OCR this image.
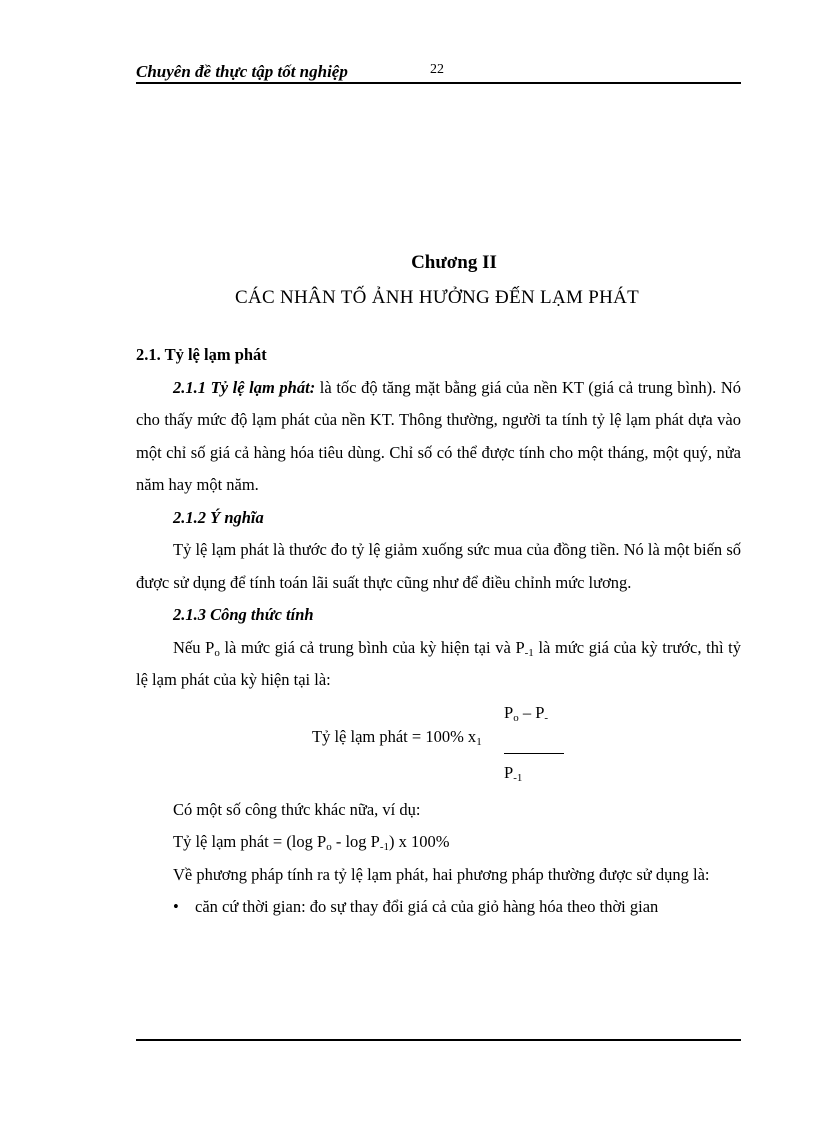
Chuyên đề thực tập tốt nghiệp	22
Chương II
CÁC NHÂN TỐ ẢNH HƯỞNG ĐẾN LẠM PHÁT

2.1. Tỷ lệ lạm phát

2.1.1 Tỷ lệ lạm phát: là tốc độ tăng mặt bằng giá của nền KT (giá cả trung bình). Nó cho thấy mức độ lạm phát của nền KT. Thông thường, người ta tính tỷ lệ lạm phát dựa vào một chỉ số giá cả hàng hóa tiêu dùng. Chỉ số có thể được tính cho một tháng, một quý, nửa năm hay một năm.

2.1.2 Ý nghĩa

Tỷ lệ lạm phát là thước đo tỷ lệ giảm xuống sức mua của đồng tiền. Nó là một biến số được sử dụng để tính toán lãi suất thực cũng như để điều chỉnh mức lương.

2.1.3 Công thức tính

Nếu $P_o$ là mức giá cả trung bình của kỳ hiện tại và $P_{-1}$ là mức giá của kỳ trước, thì tỷ lệ lạm phát của kỳ hiện tại là:

$P_o - P_-$
Tỷ lệ lạm phát = 100% $x_1$
$P_{-1}$

Có một số công thức khác nữa, ví dụ:

Tỷ lệ lạm phát = (log $P_o$ - $\log P_{-1}$) x 100%

Về phương pháp tính ra tỷ lệ lạm phát, hai phương pháp thường được sử dụng là:

• căn cứ thời gian: đo sự thay đổi giá cả của giỏ hàng hóa theo thời gian
